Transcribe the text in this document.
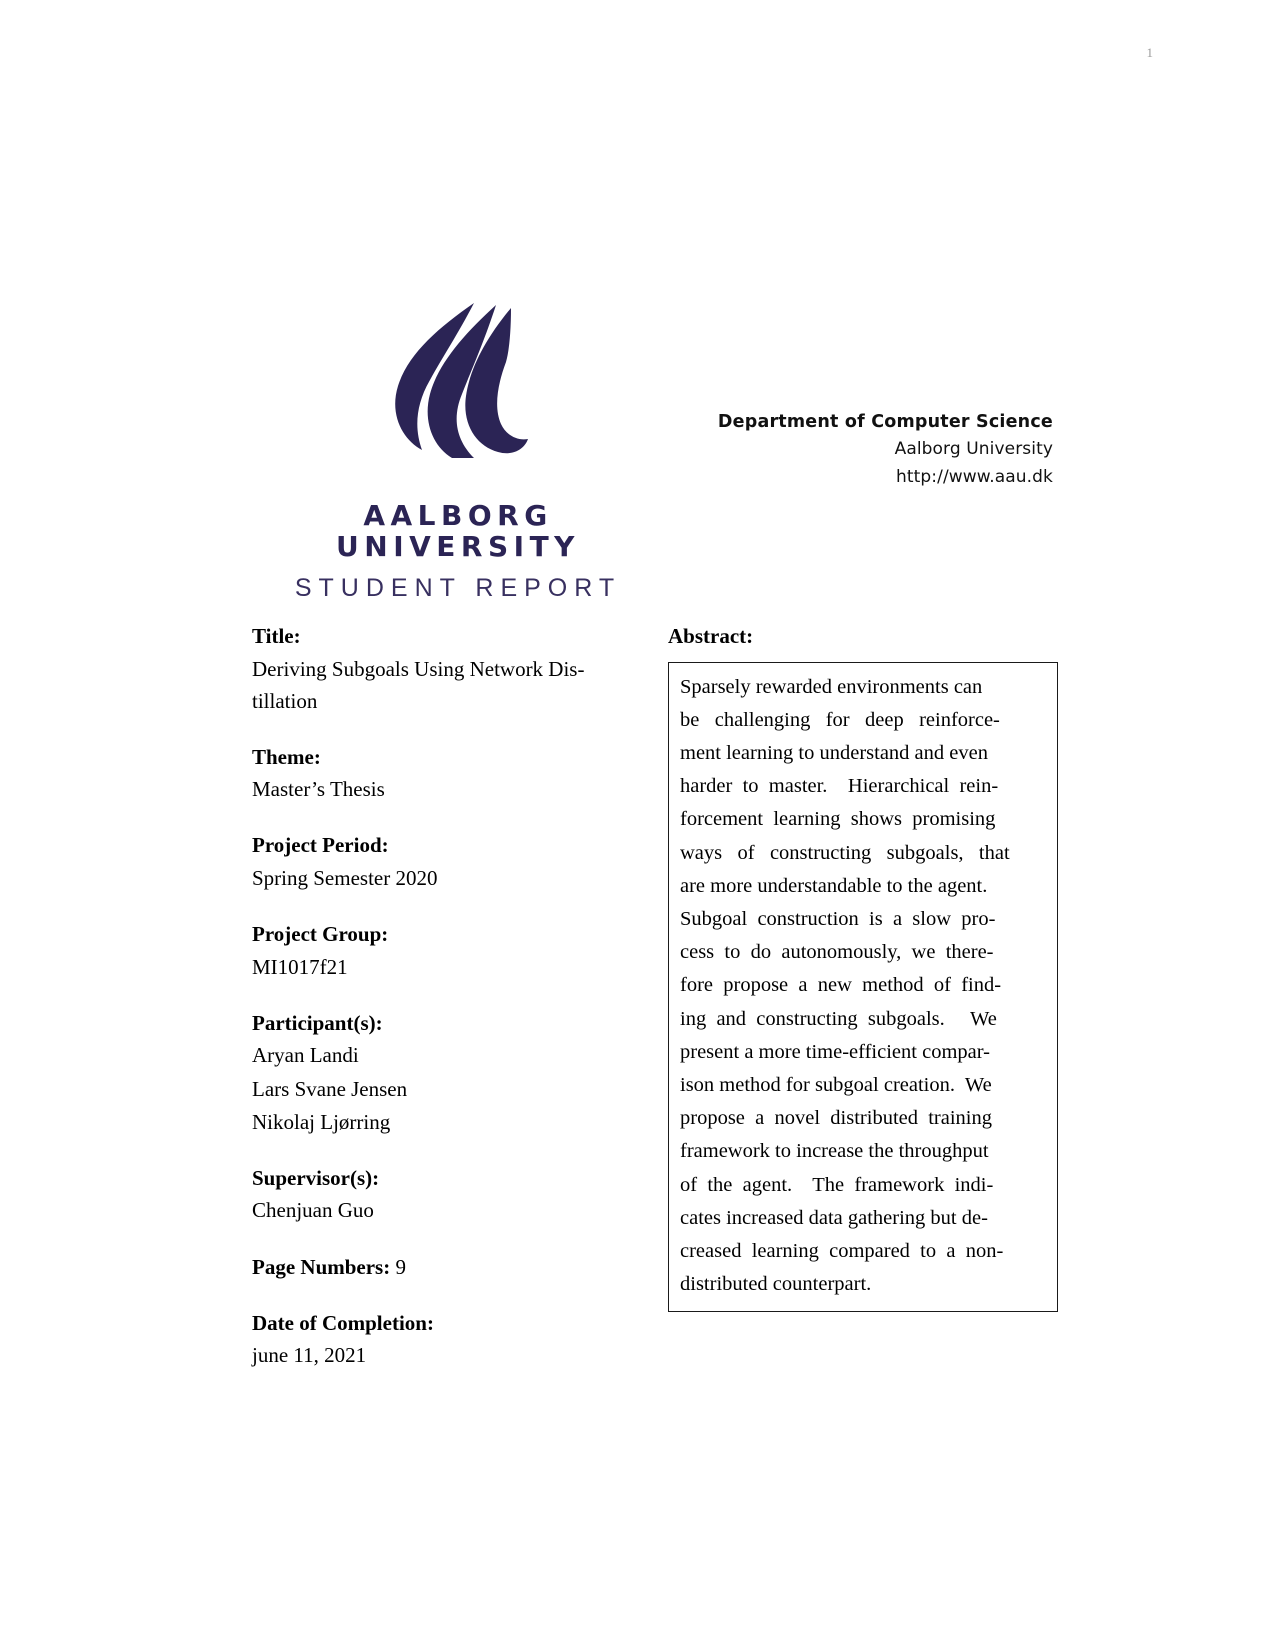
1
AALBORG UNIVERSITY
STUDENT REPORT
Department of Computer Science
Aalborg University
http://www.aau.dk
Title:
Deriving Subgoals Using Network Dis-
tillation
Theme:
Master’s Thesis
Project Period:
Spring Semester 2020
Project Group:
MI1017f21
Participant(s):
Aryan Landi
Lars Svane Jensen
Nikolaj Ljørring
Supervisor(s):
Chenjuan Guo
Page Numbers: 9
Date of Completion:
june 11, 2021
Abstract:
Sparsely rewarded environments can
be   challenging   for   deep   reinforce-
ment learning to understand and even
harder  to  master.    Hierarchical  rein-
forcement  learning  shows  promising
ways   of   constructing   subgoals,   that
are more understandable to the agent.
Subgoal  construction  is  a  slow  pro-
cess  to  do  autonomously,  we  there-
fore  propose  a  new  method  of  find-
ing  and  constructing  subgoals.     We
present a more time-efficient compar-
ison method for subgoal creation.  We
propose  a  novel  distributed  training
framework to increase the throughput
of  the  agent.    The  framework  indi-
cates increased data gathering but de-
creased  learning  compared  to  a  non-
distributed counterpart.
